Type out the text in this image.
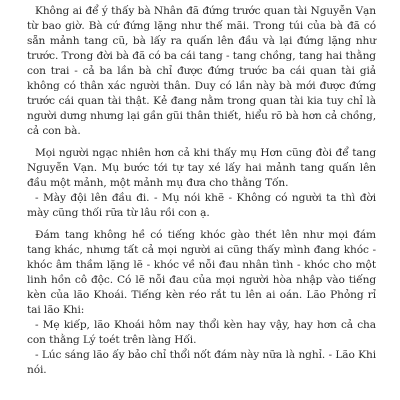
Không ai để ý thấy bà Nhân đã đứng trước quan tài Nguyễn Vạn từ bao giờ. Bà cứ đứng lặng như thế mãi. Trong túi của bà đã có sẵn mảnh tang cũ, bà lấy ra quấn lên đầu và lại đứng lặng như trước. Trong đời bà đã có ba cái tang - tang chồng, tang hai thằng con trai - cả ba lần bà chỉ được đứng trước ba cái quan tài giả không có thân xác người thân. Duy có lần này bà mới được đứng trước cái quan tài thật. Kẻ đang nằm trong quan tài kia tuy chỉ là người dưng nhưng lại gần gũi thân thiết, hiểu rõ bà hơn cả chồng, cả con bà.

Mọi người ngạc nhiên hơn cả khi thấy mụ Hơn cũng đòi để tang Nguyễn Vạn. Mụ bước tới tự tay xé lấy hai mảnh tang quấn lên đầu một mảnh, một mảnh mụ đưa cho thằng Tốn.

- Mày đội lên đầu đi. - Mụ nói khẽ - Không có người ta thì đời mày cũng thối rữa từ lâu rồi con ạ.

Đám tang không hề có tiếng khóc gào thét lên như mọi đám tang khác, nhưng tất cả mọi người ai cũng thấy mình đang khóc - khóc âm thầm lặng lẽ - khóc về nỗi đau nhân tình - khóc cho một linh hồn cô độc. Có lẽ nỗi đau của mọi người hòa nhập vào tiếng kèn của lão Khoái. Tiếng kèn réo rắt tu lên ai oán. Lão Phỏng rỉ tai lão Khi:

- Mẹ kiếp, lão Khoái hôm nay thổi kèn hay vậy, hay hơn cả cha con thằng Lý toét trên làng Hối.

- Lúc sáng lão ấy bảo chỉ thổi nốt đám này nữa là nghỉ. - Lão Khi nói.
